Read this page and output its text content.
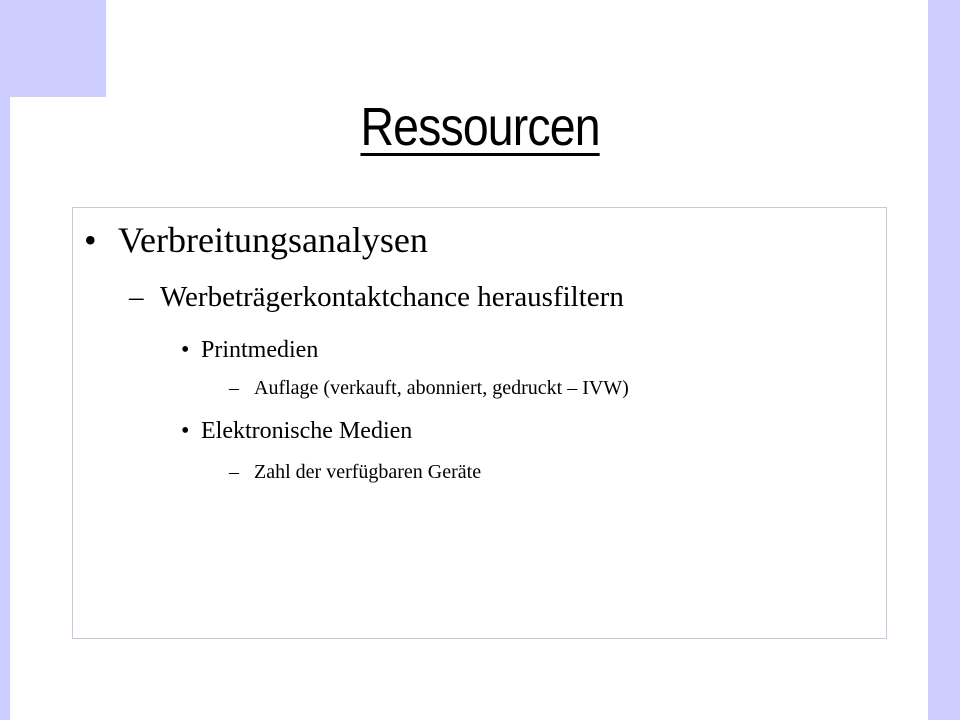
Ressourcen
• Verbreitungsanalysen
– Werbeträgerkontaktchance herausfiltern
• Printmedien
– Auflage (verkauft, abonniert, gedruckt – IVW)
• Elektronische Medien
– Zahl der verfügbaren Geräte
